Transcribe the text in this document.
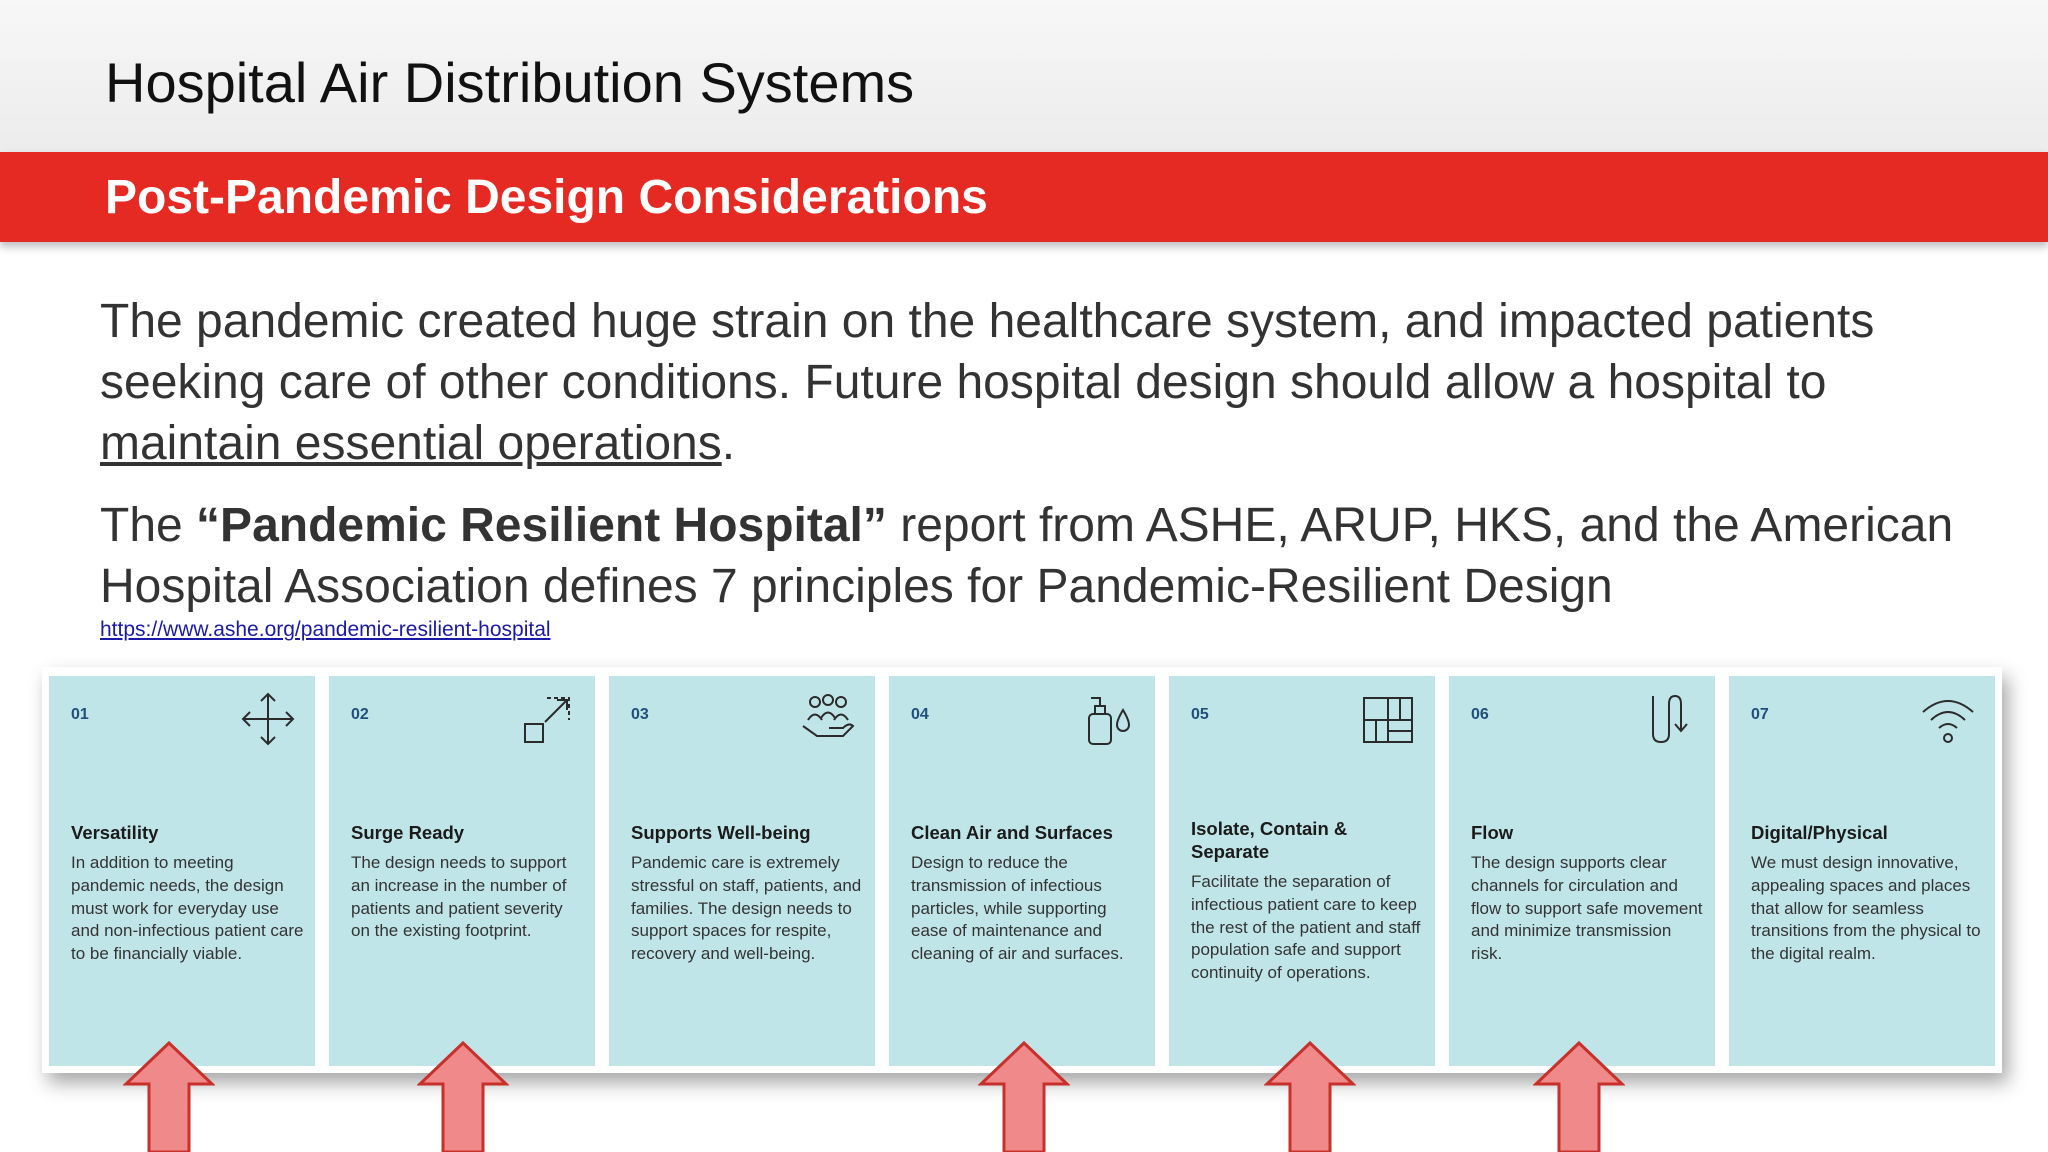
Hospital Air Distribution Systems
Post-Pandemic Design Considerations

The pandemic created huge strain on the healthcare system, and impacted patients seeking care of other conditions. Future hospital design should allow a hospital to maintain essential operations.

The “Pandemic Resilient Hospital” report from ASHE, ARUP, HKS, and the American Hospital Association defines 7 principles for Pandemic-Resilient Design

https://www.ashe.org/pandemic-resilient-hospital
01
Versatility
In addition to meeting pandemic needs, the design must work for everyday use and non-infectious patient care to be financially viable.
02
Surge Ready
The design needs to support an increase in the number of patients and patient severity on the existing footprint.
03
Supports Well-being
Pandemic care is extremely stressful on staff, patients, and families. The design needs to support spaces for respite, recovery and well-being.
04
Clean Air and Surfaces
Design to reduce the transmission of infectious particles, while supporting ease of maintenance and cleaning of air and surfaces.
05
Isolate, Contain & Separate
Facilitate the separation of infectious patient care to keep the rest of the patient and staff population safe and support continuity of operations.
06
Flow
The design supports clear channels for circulation and flow to support safe movement and minimize transmission risk.
07
Digital/Physical
We must design innovative, appealing spaces and places that allow for seamless transitions from the physical to the digital realm.
